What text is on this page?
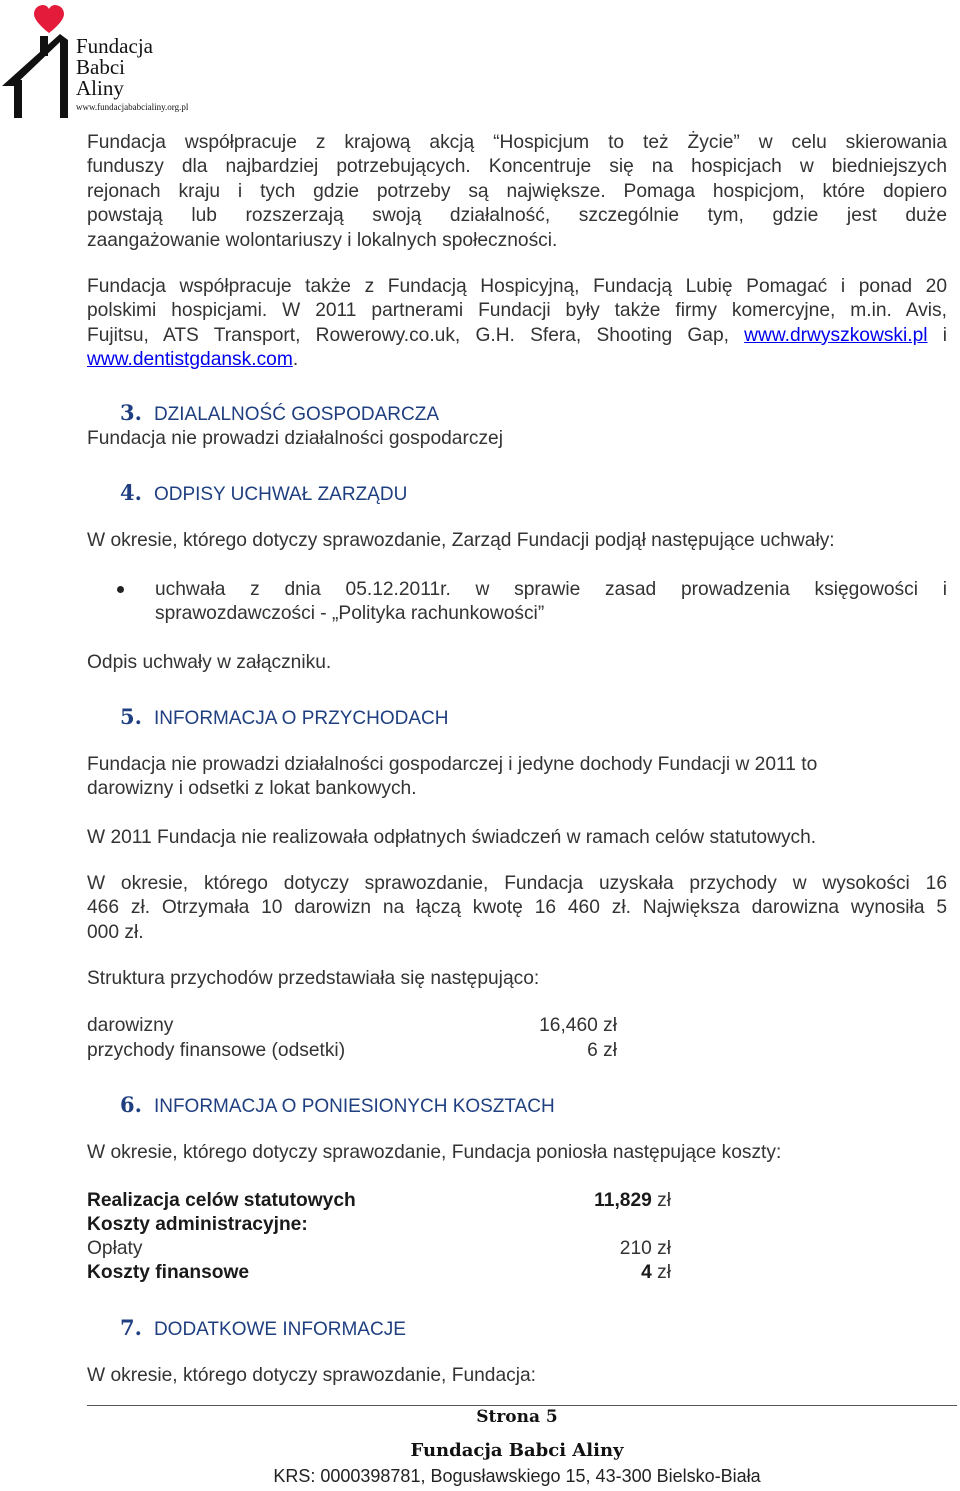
Fundacja
Babci
Aliny
www.fundacjababcialiny.org.pl
Fundacja współpracuje z krajową akcją “Hospicjum to też Życie” w celu skierowania
funduszy dla najbardziej potrzebujących. Koncentruje się na hospicjach w biedniejszych
rejonach kraju i tych gdzie potrzeby są największe. Pomaga hospicjom, które dopiero
powstają lub rozszerzają swoją działalność, szczególnie tym, gdzie jest duże
zaangażowanie wolontariuszy i lokalnych społeczności.
Fundacja współpracuje także z Fundacją Hospicyjną, Fundacją Lubię Pomagać i ponad 20
polskimi hospicjami. W 2011 partnerami Fundacji były także firmy komercyjne, m.in. Avis,
Fujitsu, ATS Transport, Rowerowy.co.uk, G.H. Sfera, Shooting Gap, www.drwyszkowski.pl i
www.dentistgdansk.com.
3. DZIALALNOŚĆ GOSPODARCZA
Fundacja nie prowadzi działalności gospodarczej
4. ODPISY UCHWAŁ ZARZĄDU
W okresie, którego dotyczy sprawozdanie, Zarząd Fundacji podjął następujące uchwały:
uchwała z dnia 05.12.2011r. w sprawie zasad prowadzenia księgowości i
sprawozdawczości - „Polityka rachunkowości”
Odpis uchwały w załączniku.
5. INFORMACJA O PRZYCHODACH
Fundacja nie prowadzi działalności gospodarczej i jedyne dochody Fundacji w 2011 to
darowizny i odsetki z lokat bankowych.
W 2011 Fundacja nie realizowała odpłatnych świadczeń w ramach celów statutowych.
W okresie, którego dotyczy sprawozdanie, Fundacja uzyskała przychody w wysokości 16
466 zł. Otrzymała 10 darowizn na łączą kwotę 16 460 zł. Największa darowizna wynosiła 5
000 zł.
Struktura przychodów przedstawiała się następująco:
darowizny	16,460 zł
przychody finansowe (odsetki)	6 zł
6. INFORMACJA O PONIESIONYCH KOSZTACH
W okresie, którego dotyczy sprawozdanie, Fundacja poniosła następujące koszty:
Realizacja celów statutowych	11,829 zł
Koszty administracyjne:
Opłaty	210 zł
Koszty finansowe	4 zł
7. DODATKOWE INFORMACJE
W okresie, którego dotyczy sprawozdanie, Fundacja:
Strona 5
Fundacja Babci Aliny
KRS: 0000398781, Bogusławskiego 15, 43-300 Bielsko-Biała
